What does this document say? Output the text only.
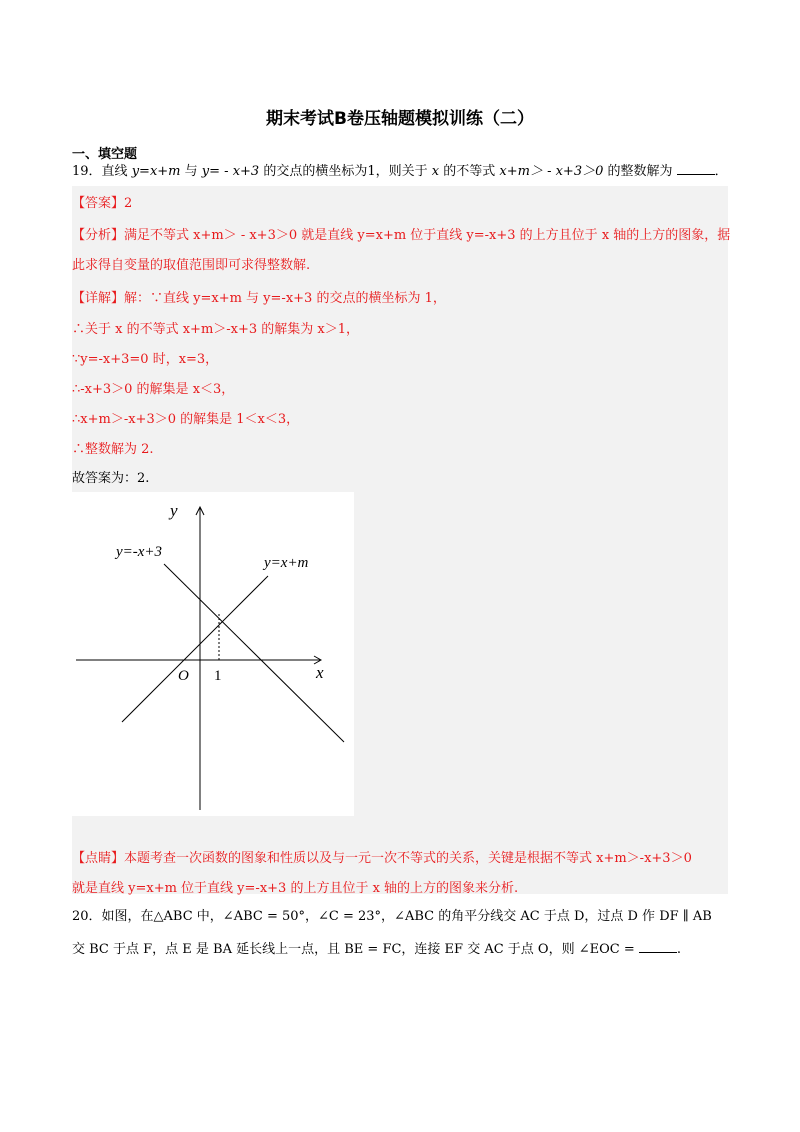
期末考试B卷压轴题模拟训练（二）
一、填空题
19．直线 y=x+m 与 y= - x+3 的交点的横坐标为1，则关于 x 的不等式 x+m＞ - x+3＞0 的整数解为	．
【答案】2
【分析】满足不等式 x+m＞ - x+3＞0 就是直线 y=x+m 位于直线 y=-x+3 的上方且位于 x 轴的上方的图象，据
此求得自变量的取值范围即可求得整数解.
【详解】解：∵直线 y=x+m 与 y=-x+3 的交点的横坐标为 1，
∴关于 x 的不等式 x+m＞-x+3 的解集为 x＞1，
∵y=-x+3=0 时，x=3，
∴-x+3＞0 的解集是 x＜3，
∴x+m＞-x+3＞0 的解集是 1＜x＜3，
∴整数解为 2.
故答案为：2.
y
x
O 1
y=-x+3
y=x+m
【点睛】本题考查一次函数的图象和性质以及与一元一次不等式的关系，关键是根据不等式 x+m＞-x+3＞0
就是直线 y=x+m 位于直线 y=-x+3 的上方且位于 x 轴的上方的图象来分析.
20．如图，在△ABC 中，∠ABC = 50°，∠C = 23°，∠ABC 的角平分线交 AC 于点 D，过点 D 作 DF ∥ AB
交 BC 于点 F，点 E 是 BA 延长线上一点，且 BE = FC，连接 EF 交 AC 于点 O，则 ∠EOC =	.
